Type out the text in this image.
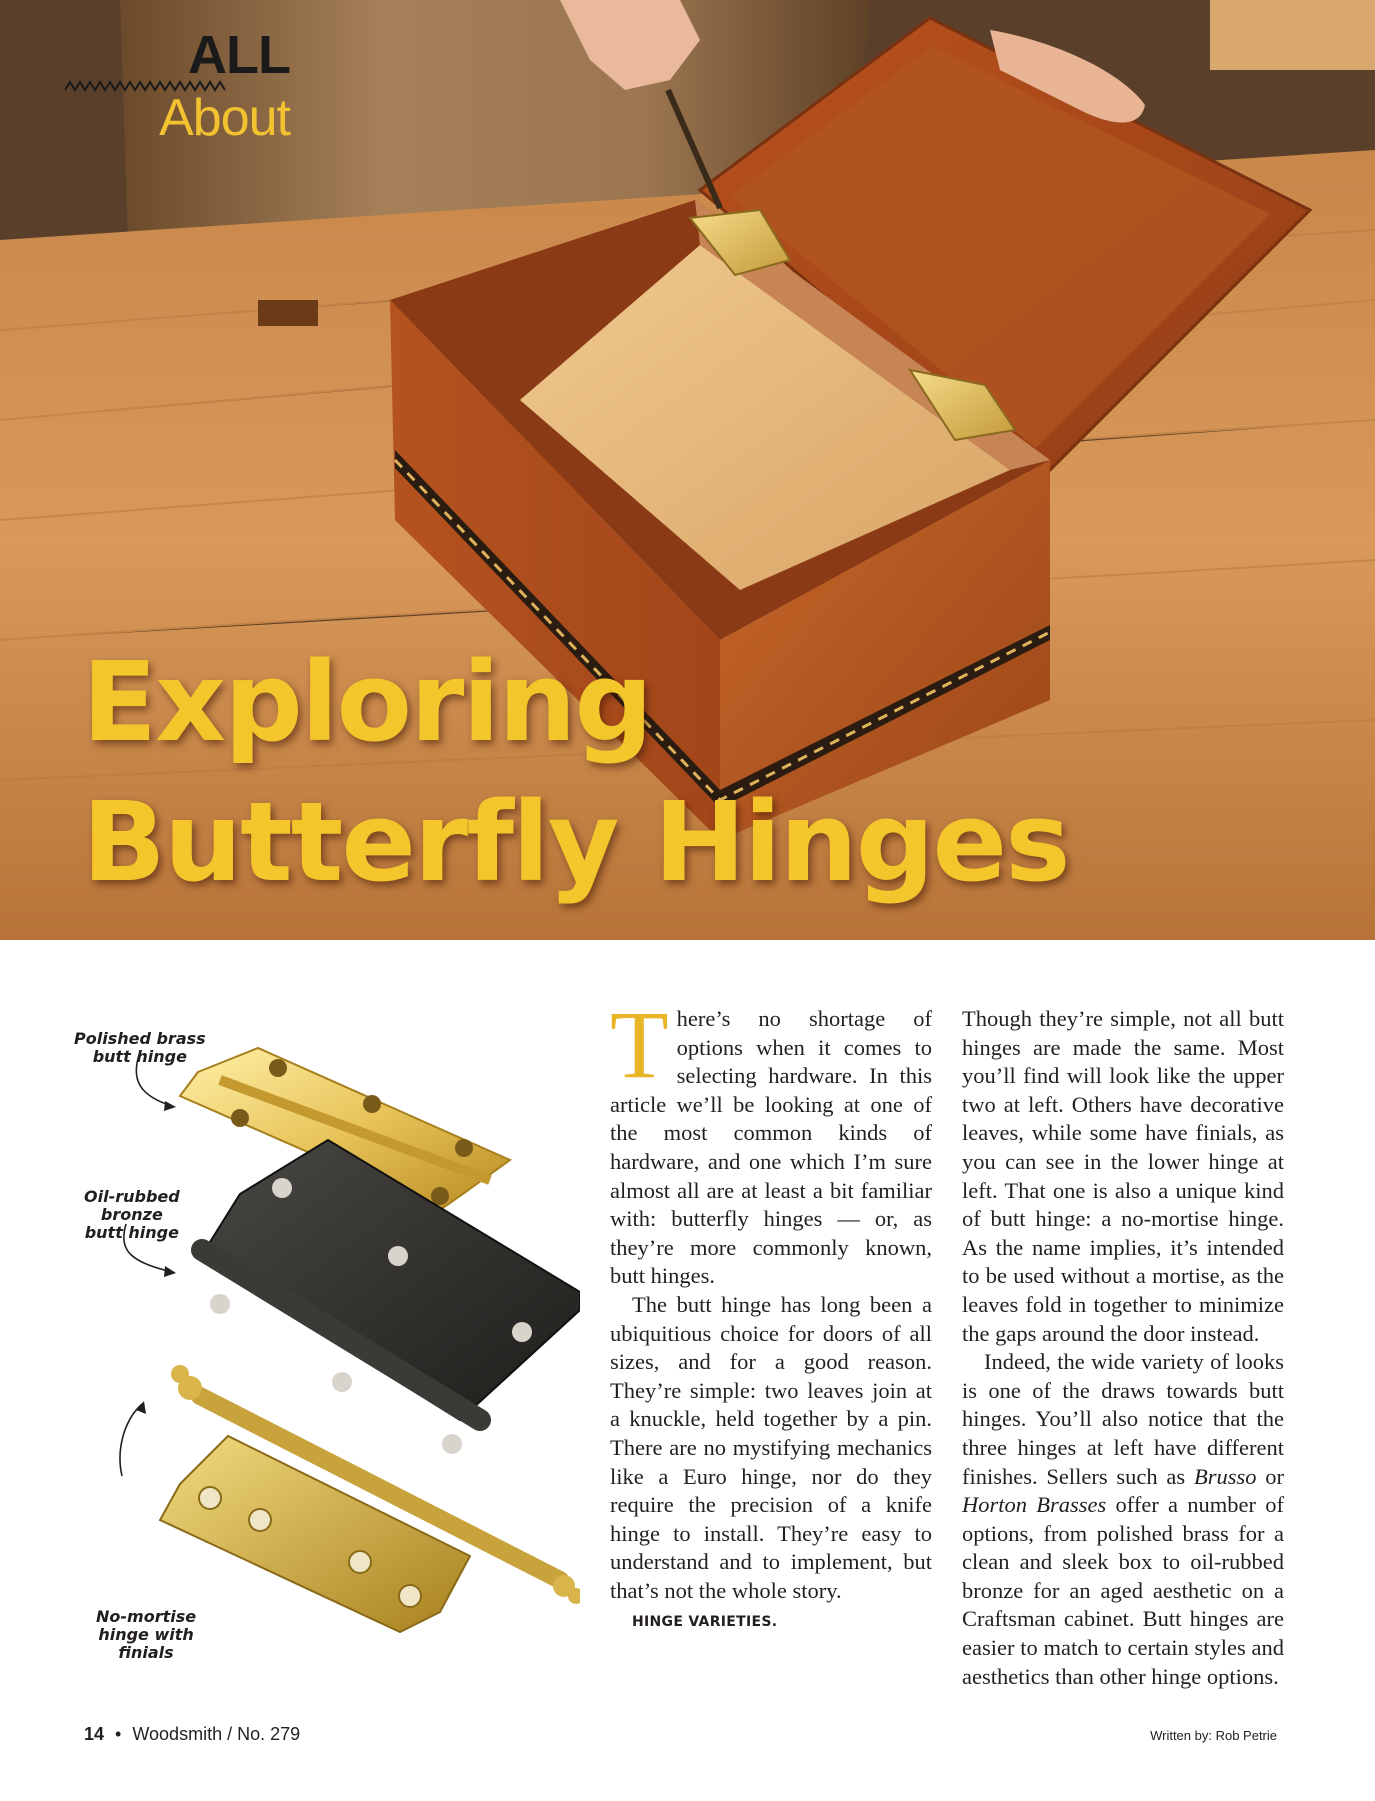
ALL
About
Exploring
Butterfly Hinges
Polished brass
butt hinge
Oil-rubbed
bronze
butt hinge
No-mortise
hinge with
finials

There’s no shortage of options when it comes to selecting hardware. In this article we’ll be looking at one of the most common kinds of hardware, and one which I’m sure almost all are at least a bit familiar with: butterfly hinges — or, as they’re more commonly known, butt hinges.

The butt hinge has long been a ubiquitious choice for doors of all sizes, and for a good reason. They’re simple: two leaves join at a knuckle, held together by a pin. There are no mystifying mechanics like a Euro hinge, nor do they require the precision of a knife hinge to install. They’re easy to understand and to implement, but that’s not the whole story.

HINGE VARIETIES.

Though they’re simple, not all butt hinges are made the same. Most you’ll find will look like the upper two at left. Others have decorative leaves, while some have finials, as you can see in the lower hinge at left. That one is also a unique kind of butt hinge: a no-mortise hinge. As the name implies, it’s intended to be used without a mortise, as the leaves fold in together to minimize the gaps around the door instead.

Indeed, the wide variety of looks is one of the draws towards butt hinges. You’ll also notice that the three hinges at left have different finishes. Sellers such as Brusso or Horton Brasses offer a number of options, from polished brass for a clean and sleek box to oil-rubbed bronze for an aged aesthetic on a Craftsman cabinet. Butt hinges are easier to match to certain styles and aesthetics than other hinge options.

14 • Woodsmith / No. 279	Written by: Rob Petrie
